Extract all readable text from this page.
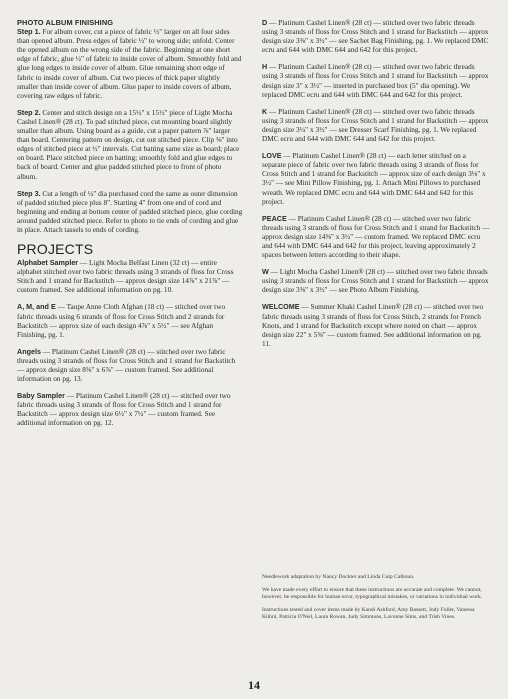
PHOTO ALBUM FINISHING

Step 1. For album cover, cut a piece of fabric ½" larger on all four sides than opened album. Press edges of fabric ½" to wrong side; unfold. Center the opened album on the wrong side of the fabric. Beginning at one short edge of fabric, glue ½" of fabric to inside cover of album. Smoothly fold and glue long edges to inside cover of album. Glue remaining short edge of fabric to inside cover of album. Cut two pieces of thick paper slightly smaller than inside cover of album. Glue paper to inside covers of album, covering raw edges of fabric.

Step 2. Center and stitch design on a 15½" x 15½" piece of Light Mocha Cashel Linen® (28 ct). To pad stitched piece, cut mounting board slightly smaller than album. Using board as a guide, cut a paper pattern ⅞" larger than board. Centering pattern on design, cut out stitched piece. Clip ⅜" into edges of stitched piece at ½" intervals. Cut batting same size as board; place on board. Place stitched piece on batting; smoothly fold and glue edges to back of board. Center and glue padded stitched piece to front of photo album.

Step 3. Cut a length of ¼" dia purchased cord the same as outer dimension of padded stitched piece plus 8". Starting 4" from one end of cord and beginning and ending at bottom center of padded stitched piece, glue cording around padded stitched piece. Refer to photo to tie ends of cording and glue in place. Attach tassels to ends of cording.

PROJECTS

Alphabet Sampler — Light Mocha Belfast Linen (32 ct) — entire alphabet stitched over two fabric threads using 3 strands of floss for Cross Stitch and 1 strand for Backstitch — approx design size 14⅞" x 21⅞" — custom framed. See additional information on pg. 10.

A, M, and E — Taupe Anne Cloth Afghan (18 ct) — stitched over two fabric threads using 6 strands of floss for Cross Stitch and 2 strands for Backstitch — approx size of each design 4⅞" x 5½" — see Afghan Finishing, pg. 1.

Angels — Platinum Cashel Linen® (28 ct) — stitched over two fabric threads using 3 strands of floss for Cross Stitch and 1 strand for Backstitch — approx design size 8⅝" x 6⅞" — custom framed. See additional information on pg. 13.

Baby Sampler — Platinum Cashel Linen® (28 ct) — stitched over two fabric threads using 3 strands of floss for Cross Stitch and 1 strand for Backstitch — approx design size 6½" x 7¼" — custom framed. See additional information on pg. 12.

D — Platinum Cashel Linen® (28 ct) — stitched over two fabric threads using 3 strands of floss for Cross Stitch and 1 strand for Backstitch — approx design size 3⅜" x 3½" — see Sachet Bag Finishing, pg. 1. We replaced DMC ecru and 644 with DMC 644 and 642 for this project.

H — Platinum Cashel Linen® (28 ct) — stitched over two fabric threads using 3 strands of floss for Cross Stitch and 1 strand for Backstitch — approx design size 3" x 3½" — inserted in purchased box (5" dia opening). We replaced DMC ecru and 644 with DMC 644 and 642 for this project.

K — Platinum Cashel Linen® (28 ct) — stitched over two fabric threads using 3 strands of floss for Cross Stitch and 1 strand for Backstitch — approx design size 3¼" x 3½" — see Dresser Scarf Finishing, pg. 1. We replaced DMC ecru and 644 with DMC 644 and 642 for this project.

LOVE — Platinum Cashel Linen® (28 ct) — each letter stitched on a separate piece of fabric over two fabric threads using 3 strands of floss for Cross Stitch and 1 strand for Backstitch — approx size of each design 3⅛" x 3½" — see Mini Pillow Finishing, pg. 1. Attach Mini Pillows to purchased wreath. We replaced DMC ecru and 644 with DMC 644 and 642 for this project.

PEACE — Platinum Cashel Linen® (28 ct) — stitched over two fabric threads using 3 strands of floss for Cross Stitch and 1 strand for Backstitch — approx design size 14⅝" x 3½" — custom framed. We replaced DMC ecru and 644 with DMC 644 and 642 for this project, leaving approximately 2 spaces between letters according to their shape.

W — Light Mocha Cashel Linen® (28 ct) — stitched over two fabric threads using 3 strands of floss for Cross Stitch and 1 strand for Backstitch — approx design size 3⅜" x 3½" — see Photo Album Finishing.

WELCOME — Summer Khaki Cashel Linen® (28 ct) — stitched over two fabric threads using 3 strands of floss for Cross Stitch, 2 strands for French Knots, and 1 strand for Backstitch except where noted on chart — approx design size 22" x 5⅝" — custom framed. See additional information on pg. 11.

Needlework adaptation by Nancy Dockter and Linda Culp Calhoun.

We have made every effort to ensure that these instructions are accurate and complete. We cannot, however, be responsible for human error, typographical mistakes, or variations in individual work.

Instructions tested and cover items made by Kandi Ashford, Amy Bassett, Jody Fuller, Vanessa Kiihnl, Patricia O'Neil, Laura Rowan, Judy Simmons, Lavonne Sims, and Trish Vines.

14
